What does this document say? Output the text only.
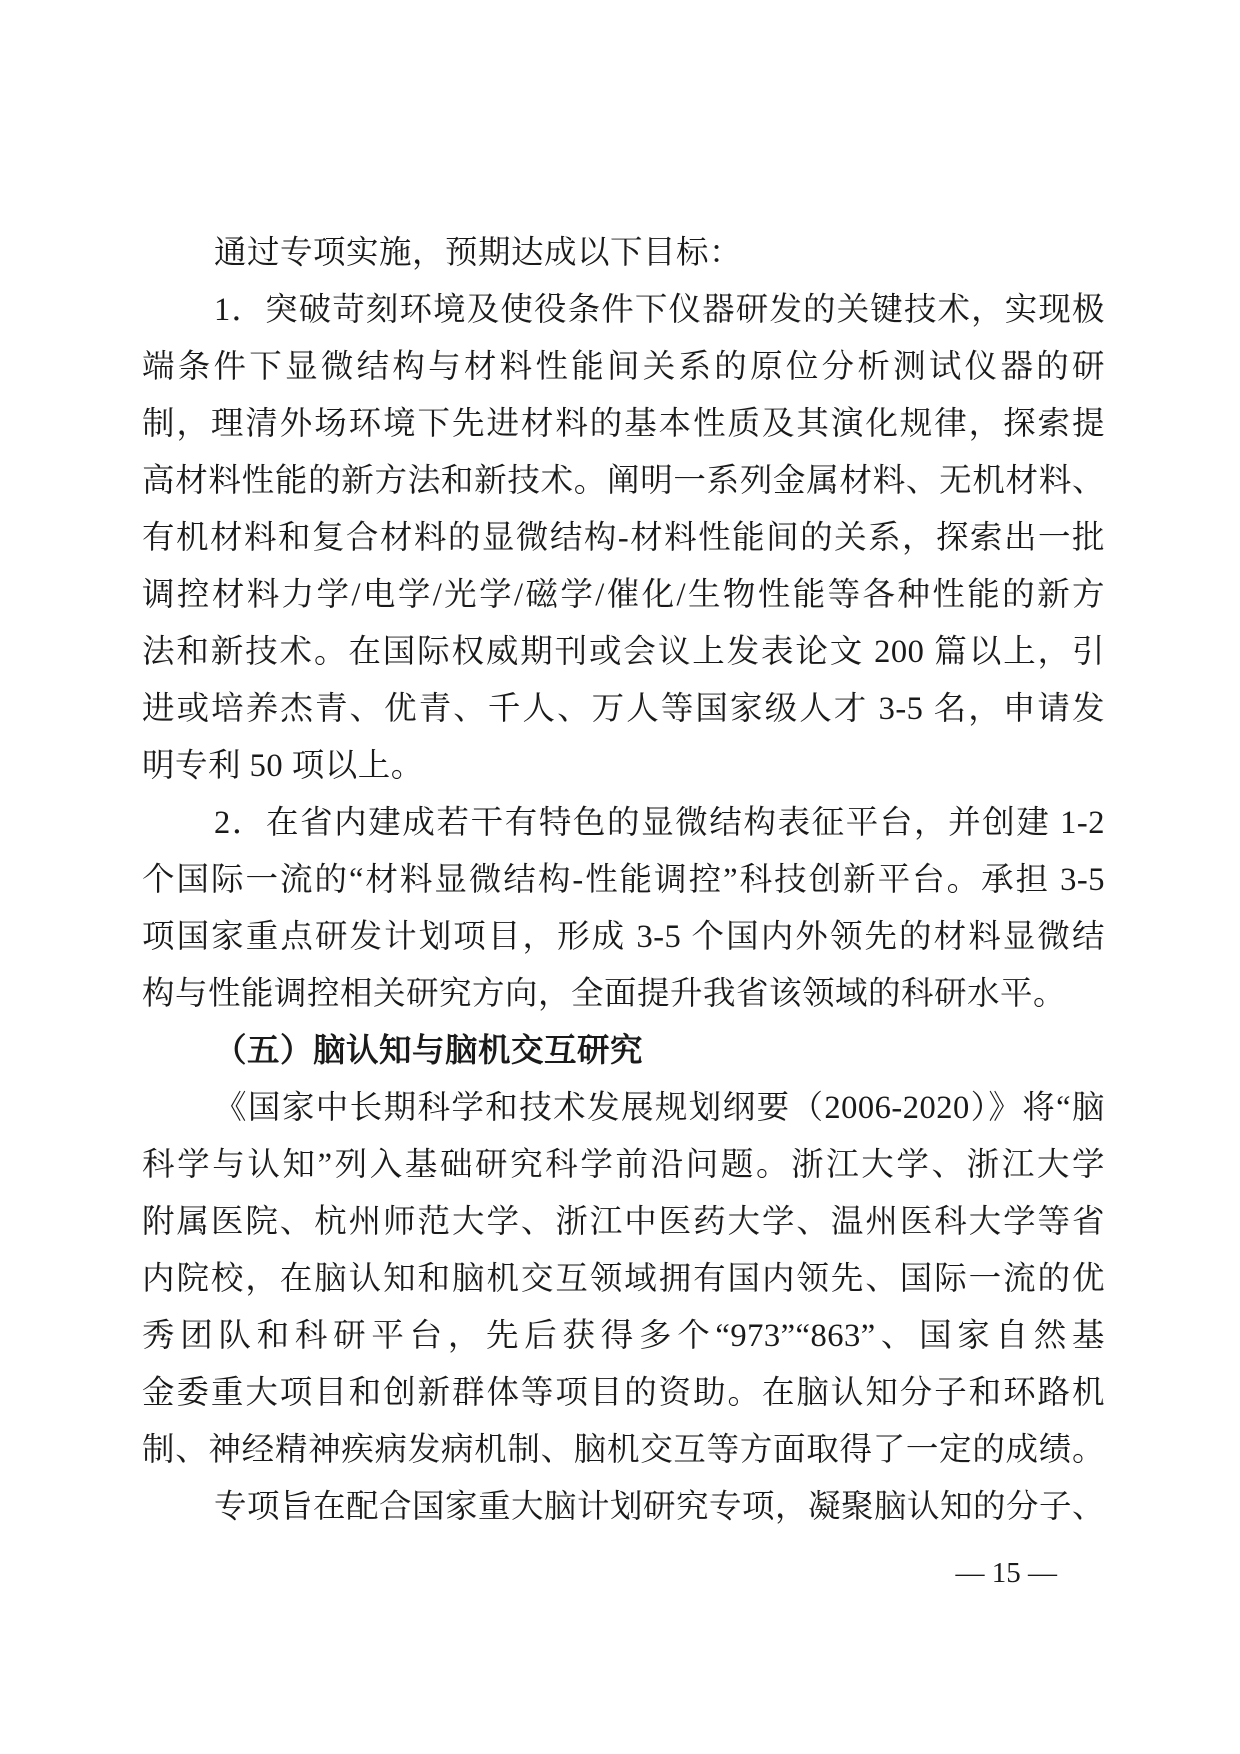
通过专项实施，预期达成以下目标：
1．突破苛刻环境及使役条件下仪器研发的关键技术，实现极
端条件下显微结构与材料性能间关系的原位分析测试仪器的研
制，理清外场环境下先进材料的基本性质及其演化规律，探索提
高材料性能的新方法和新技术。阐明一系列金属材料、无机材料、
有机材料和复合材料的显微结构-材料性能间的关系，探索出一批
调控材料力学/电学/光学/磁学/催化/生物性能等各种性能的新方
法和新技术。在国际权威期刊或会议上发表论文 200 篇以上，引
进或培养杰青、优青、千人、万人等国家级人才 3-5 名，申请发
明专利 50 项以上。
2．在省内建成若干有特色的显微结构表征平台，并创建 1-2
个国际一流的“材料显微结构-性能调控”科技创新平台。承担 3-5
项国家重点研发计划项目，形成 3-5 个国内外领先的材料显微结
构与性能调控相关研究方向，全面提升我省该领域的科研水平。
（五）脑认知与脑机交互研究
《国家中长期科学和技术发展规划纲要（2006-2020）》将“脑
科学与认知”列入基础研究科学前沿问题。浙江大学、浙江大学
附属医院、杭州师范大学、浙江中医药大学、温州医科大学等省
内院校，在脑认知和脑机交互领域拥有国内领先、国际一流的优
秀团队和科研平台，先后获得多个“973”“863”、国家自然基
金委重大项目和创新群体等项目的资助。在脑认知分子和环路机
制、神经精神疾病发病机制、脑机交互等方面取得了一定的成绩。
专项旨在配合国家重大脑计划研究专项，凝聚脑认知的分子、
— 15 —
